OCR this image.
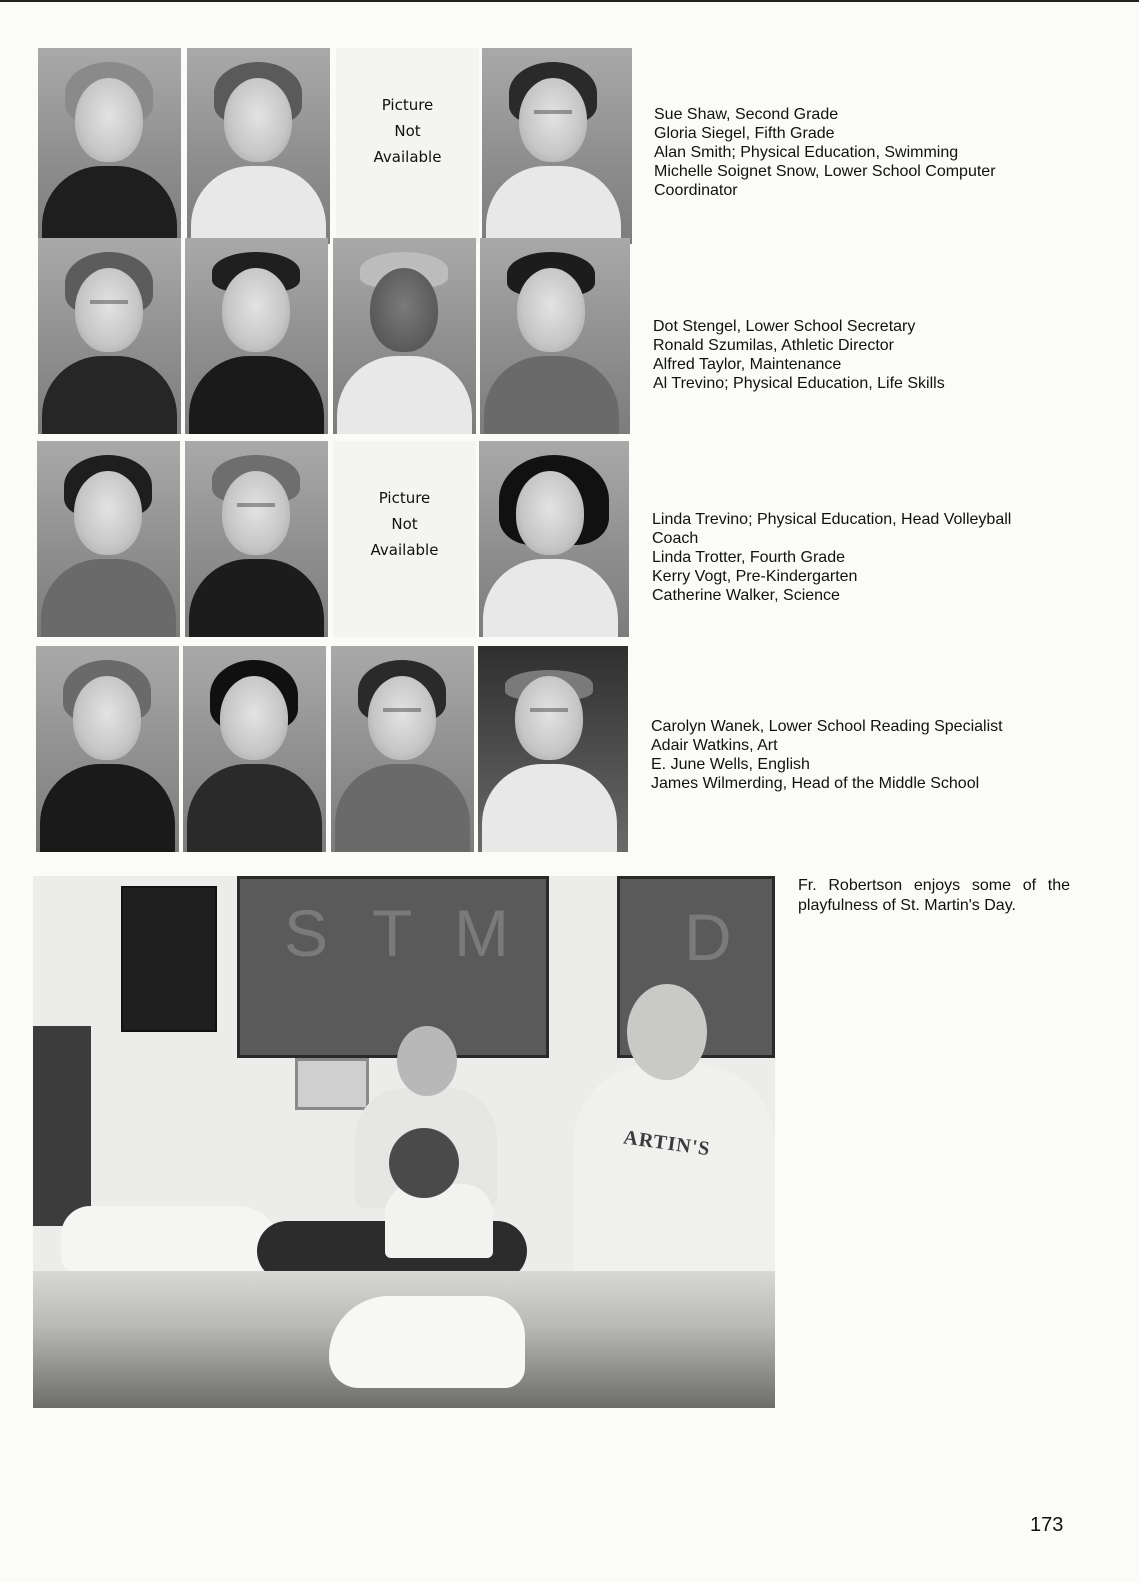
Picture
Not
Available
Sue Shaw, Second Grade
Gloria Siegel, Fifth Grade
Alan Smith; Physical Education, Swimming
Michelle Soignet Snow, Lower School Computer
Coordinator
Dot Stengel, Lower School Secretary
Ronald Szumilas, Athletic Director
Alfred Taylor, Maintenance
Al Trevino; Physical Education, Life Skills
Picture
Not
Available
Linda Trevino; Physical Education, Head Volleyball
Coach
Linda Trotter, Fourth Grade
Kerry Vogt, Pre-Kindergarten
Catherine Walker, Science
Carolyn Wanek, Lower School Reading Specialist
Adair Watkins, Art
E. June Wells, English
James Wilmerding, Head of the Middle School
S T M	D
ARTIN'S

Fr. Robertson enjoys some of the playfulness of St. Martin's Day.

173
